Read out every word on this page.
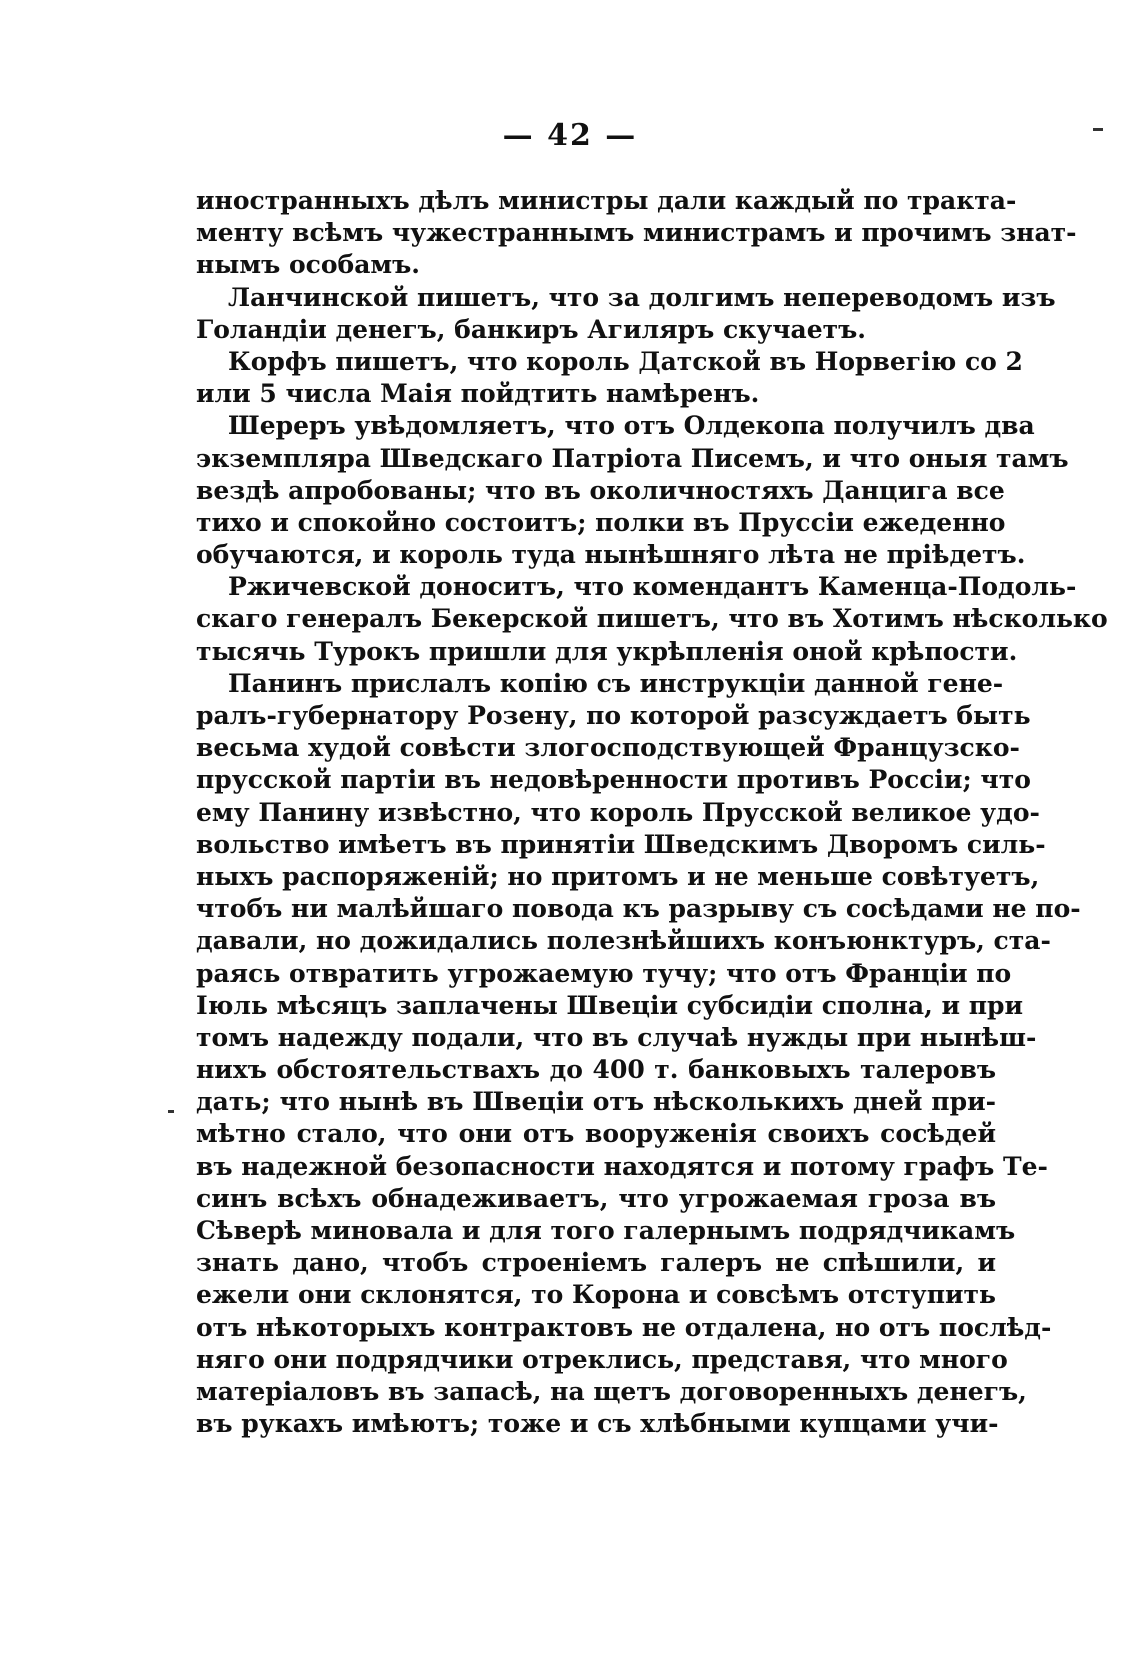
— 42 —
иностранныхъ дѣлъ министры дали каждый по тракта-
менту всѣмъ чужестраннымъ министрамъ и прочимъ знат-
нымъ особамъ.
Ланчинской пишетъ, что за долгимъ непереводомъ изъ
Голандіи денегъ, банкиръ Агиляръ скучаетъ.
Корфъ пишетъ, что король Датской въ Норвегію со 2
или 5 числа Маія пойдтить намѣренъ.
Шереръ увѣдомляетъ, что отъ Олдекопа получилъ два
экземпляра Шведскаго Патріота Писемъ, и что оныя тамъ
вездѣ апробованы; что въ околичностяхъ Данцига все
тихо и спокойно состоитъ; полки въ Пруссіи ежеденно
обучаются, и король туда нынѣшняго лѣта не пріѣдетъ.
Ржичевской доноситъ, что комендантъ Каменца-Подоль-
скаго генералъ Бекерской пишетъ, что въ Хотимъ нѣсколько
тысячь Турокъ пришли для укрѣпленія оной крѣпости.
Панинъ прислалъ копію съ инструкціи данной гене-
ралъ-губернатору Розену, по которой разсуждаетъ быть
весьма худой совѣсти злогосподствующей Французско-
прусской партіи въ недовѣренности противъ Россіи; что
ему Панину извѣстно, что король Прусской великое удо-
вольство имѣетъ въ принятіи Шведскимъ Дворомъ силь-
ныхъ распоряженій; но притомъ и не меньше совѣтуетъ,
чтобъ ни малѣйшаго повода къ разрыву съ сосѣдами не по-
давали, но дожидались полезнѣйшихъ конъюнктуръ, ста-
раясь отвратить угрожаемую тучу; что отъ Франціи по
Іюль мѣсяцъ заплачены Швеціи субсидіи сполна, и при
томъ надежду подали, что въ случаѣ нужды при нынѣш-
нихъ обстоятельствахъ до 400 т. банковыхъ талеровъ
дать; что нынѣ въ Швеціи отъ нѣсколькихъ дней при-
мѣтно стало, что они отъ вооруженія своихъ сосѣдей
въ надежной безопасности находятся и потому графъ Те-
синъ всѣхъ обнадеживаетъ, что угрожаемая гроза въ
Сѣверѣ миновала и для того галернымъ подрядчикамъ
знать дано, чтобъ строеніемъ галеръ не спѣшили, и
ежели они склонятся, то Корона и совсѣмъ отступить
отъ нѣкоторыхъ контрактовъ не отдалена, но отъ послѣд-
няго они подрядчики отреклись, представя, что много
матеріаловъ въ запасѣ, на щетъ договоренныхъ денегъ,
въ рукахъ имѣютъ; тоже и съ хлѣбными купцами учи-
